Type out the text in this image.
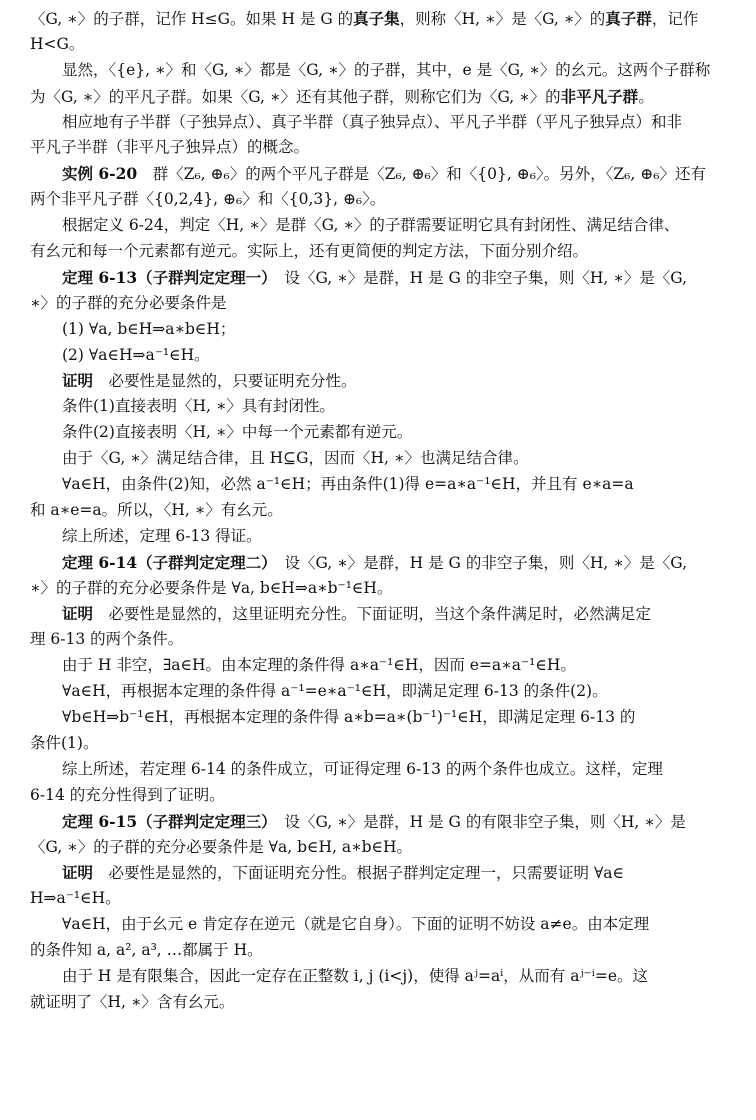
〈G, ∗〉的子群，记作 H≤G。如果 H 是 G 的真子集，则称〈H, ∗〉是〈G, ∗〉的真子群，记作
H<G。
显然，〈{e}, ∗〉和〈G, ∗〉都是〈G, ∗〉的子群，其中，e 是〈G, ∗〉的幺元。这两个子群称
为〈G, ∗〉的平凡子群。如果〈G, ∗〉还有其他子群，则称它们为〈G, ∗〉的非平凡子群。
相应地有子半群（子独异点）、真子半群（真子独异点）、平凡子半群（平凡子独异点）和非
平凡子半群（非平凡子独异点）的概念。
实例 6-20　群〈Z₆, ⊕₆〉的两个平凡子群是〈Z₆, ⊕₆〉和〈{0}, ⊕₆〉。另外，〈Z₆, ⊕₆〉还有
两个非平凡子群〈{0,2,4}, ⊕₆〉和〈{0,3}, ⊕₆〉。
根据定义 6-24，判定〈H, ∗〉是群〈G, ∗〉的子群需要证明它具有封闭性、满足结合律、
有幺元和每一个元素都有逆元。实际上，还有更简便的判定方法，下面分别介绍。
定理 6-13（子群判定定理一）　设〈G, ∗〉是群，H 是 G 的非空子集，则〈H, ∗〉是〈G,
∗〉的子群的充分必要条件是
(1) ∀a, b∈H⇒a∗b∈H；
(2) ∀a∈H⇒a⁻¹∈H。
证明　必要性是显然的，只要证明充分性。
条件(1)直接表明〈H, ∗〉具有封闭性。
条件(2)直接表明〈H, ∗〉中每一个元素都有逆元。
由于〈G, ∗〉满足结合律，且 H⊆G，因而〈H, ∗〉也满足结合律。
∀a∈H，由条件(2)知，必然 a⁻¹∈H；再由条件(1)得 e=a∗a⁻¹∈H，并且有 e∗a=a
和 a∗e=a。所以，〈H, ∗〉有幺元。
综上所述，定理 6-13 得证。
定理 6-14（子群判定定理二）　设〈G, ∗〉是群，H 是 G 的非空子集，则〈H, ∗〉是〈G,
∗〉的子群的充分必要条件是 ∀a, b∈H⇒a∗b⁻¹∈H。
证明　必要性是显然的，这里证明充分性。下面证明，当这个条件满足时，必然满足定
理 6-13 的两个条件。
由于 H 非空，∃a∈H。由本定理的条件得 a∗a⁻¹∈H，因而 e=a∗a⁻¹∈H。
∀a∈H，再根据本定理的条件得 a⁻¹=e∗a⁻¹∈H，即满足定理 6-13 的条件(2)。
∀b∈H⇒b⁻¹∈H，再根据本定理的条件得 a∗b=a∗(b⁻¹)⁻¹∈H，即满足定理 6-13 的
条件(1)。
综上所述，若定理 6-14 的条件成立，可证得定理 6-13 的两个条件也成立。这样，定理
6-14 的充分性得到了证明。
定理 6-15（子群判定定理三）　设〈G, ∗〉是群，H 是 G 的有限非空子集，则〈H, ∗〉是
〈G, ∗〉的子群的充分必要条件是 ∀a, b∈H, a∗b∈H。
证明　必要性是显然的，下面证明充分性。根据子群判定定理一，只需要证明 ∀a∈
H⇒a⁻¹∈H。
∀a∈H，由于幺元 e 肯定存在逆元（就是它自身）。下面的证明不妨设 a≠e。由本定理
的条件知 a, a², a³, …都属于 H。
由于 H 是有限集合，因此一定存在正整数 i, j (i<j)，使得 aʲ=aⁱ，从而有 aʲ⁻ⁱ=e。这
就证明了〈H, ∗〉含有幺元。
